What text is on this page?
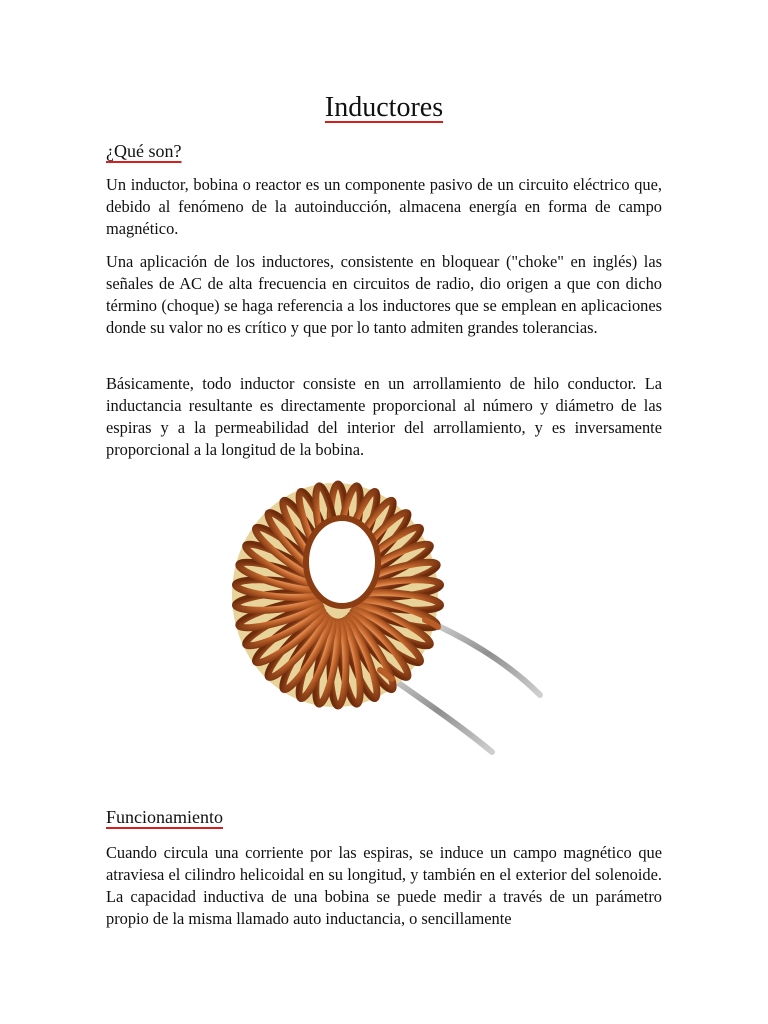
Inductores
¿Qué son?

Un inductor, bobina o reactor es un componente pasivo de un circuito eléctrico que, debido al fenómeno de la autoinducción, almacena energía en forma de campo magnético.

Una aplicación de los inductores, consistente en bloquear ("choke" en inglés) las señales de AC de alta frecuencia en circuitos de radio, dio origen a que con dicho término (choque) se haga referencia a los inductores que se emplean en aplicaciones donde su valor no es crítico y que por lo tanto admiten grandes tolerancias.

Básicamente, todo inductor consiste en un arrollamiento de hilo conductor. La inductancia resultante es directamente proporcional al número y diámetro de las espiras y a la permeabilidad del interior del arrollamiento, y es inversamente proporcional a la longitud de la bobina.

Funcionamiento

Cuando circula una corriente por las espiras, se induce un campo magnético que atraviesa el cilindro helicoidal en su longitud, y también en el exterior del solenoide. La capacidad inductiva de una bobina se puede medir a través de un parámetro propio de la misma llamado auto inductancia, o sencillamente
